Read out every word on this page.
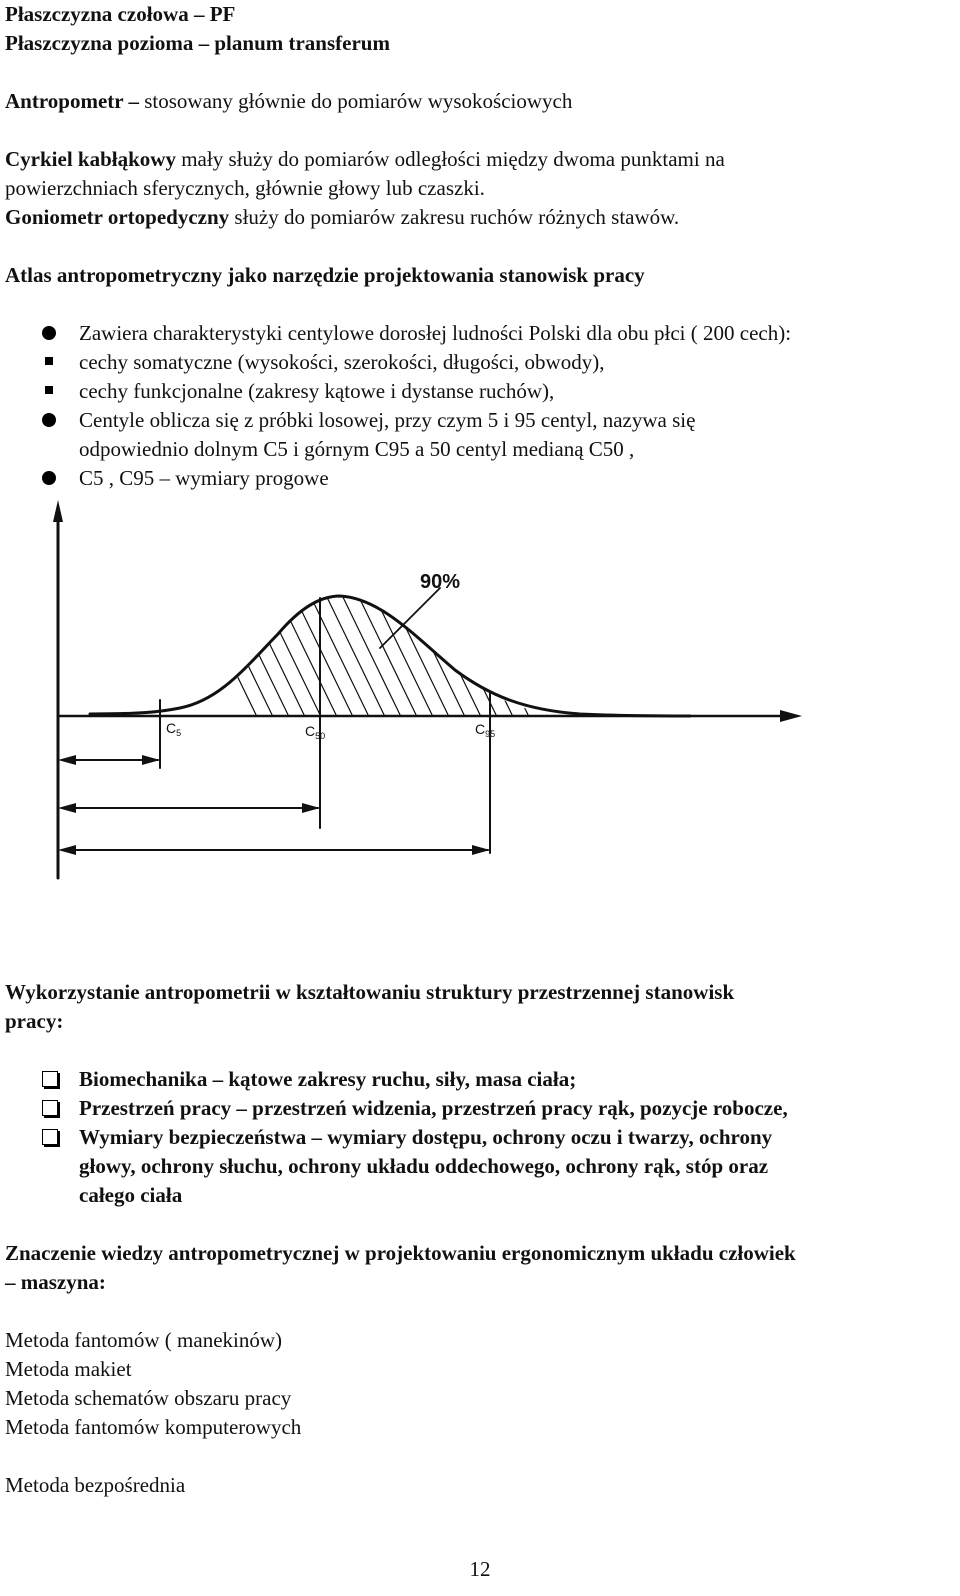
Płaszczyzna czołowa – PF

Płaszczyzna pozioma – planum transferum

Antropometr – stosowany głównie do pomiarów wysokościowych

Cyrkiel kabłąkowy mały służy do pomiarów odległości między dwoma punktami na

powierzchniach sferycznych, głównie głowy lub czaszki.

Goniometr ortopedyczny służy do pomiarów zakresu ruchów różnych stawów.

Atlas antropometryczny jako narzędzie projektowania stanowisk pracy

Zawiera charakterystyki centylowe dorosłej ludności Polski dla obu płci ( 200 cech):
cechy somatyczne (wysokości, szerokości, długości, obwody),
cechy funkcjonalne (zakresy kątowe i dystanse ruchów),
Centyle oblicza się z próbki losowej, przy czym 5 i 95 centyl, nazywa się
odpowiednio dolnym C5 i górnym C95 a 50 centyl medianą C50 ,
C5 , C95 – wymiary progowe
90%
$C_5$	$C_{50}$	$C_{95}$

Wykorzystanie antropometrii w kształtowaniu struktury przestrzennej stanowisk

pracy:

Biomechanika – kątowe zakresy ruchu, siły, masa ciała;
Przestrzeń pracy – przestrzeń widzenia, przestrzeń pracy rąk, pozycje robocze,
Wymiary bezpieczeństwa – wymiary dostępu, ochrony oczu i twarzy, ochrony
głowy, ochrony słuchu, ochrony układu oddechowego, ochrony rąk, stóp oraz
całego ciała

Znaczenie wiedzy antropometrycznej w projektowaniu ergonomicznym układu człowiek

– maszyna:

Metoda fantomów ( manekinów)

Metoda makiet

Metoda schematów obszaru pracy

Metoda fantomów komputerowych

Metoda bezpośrednia

12
